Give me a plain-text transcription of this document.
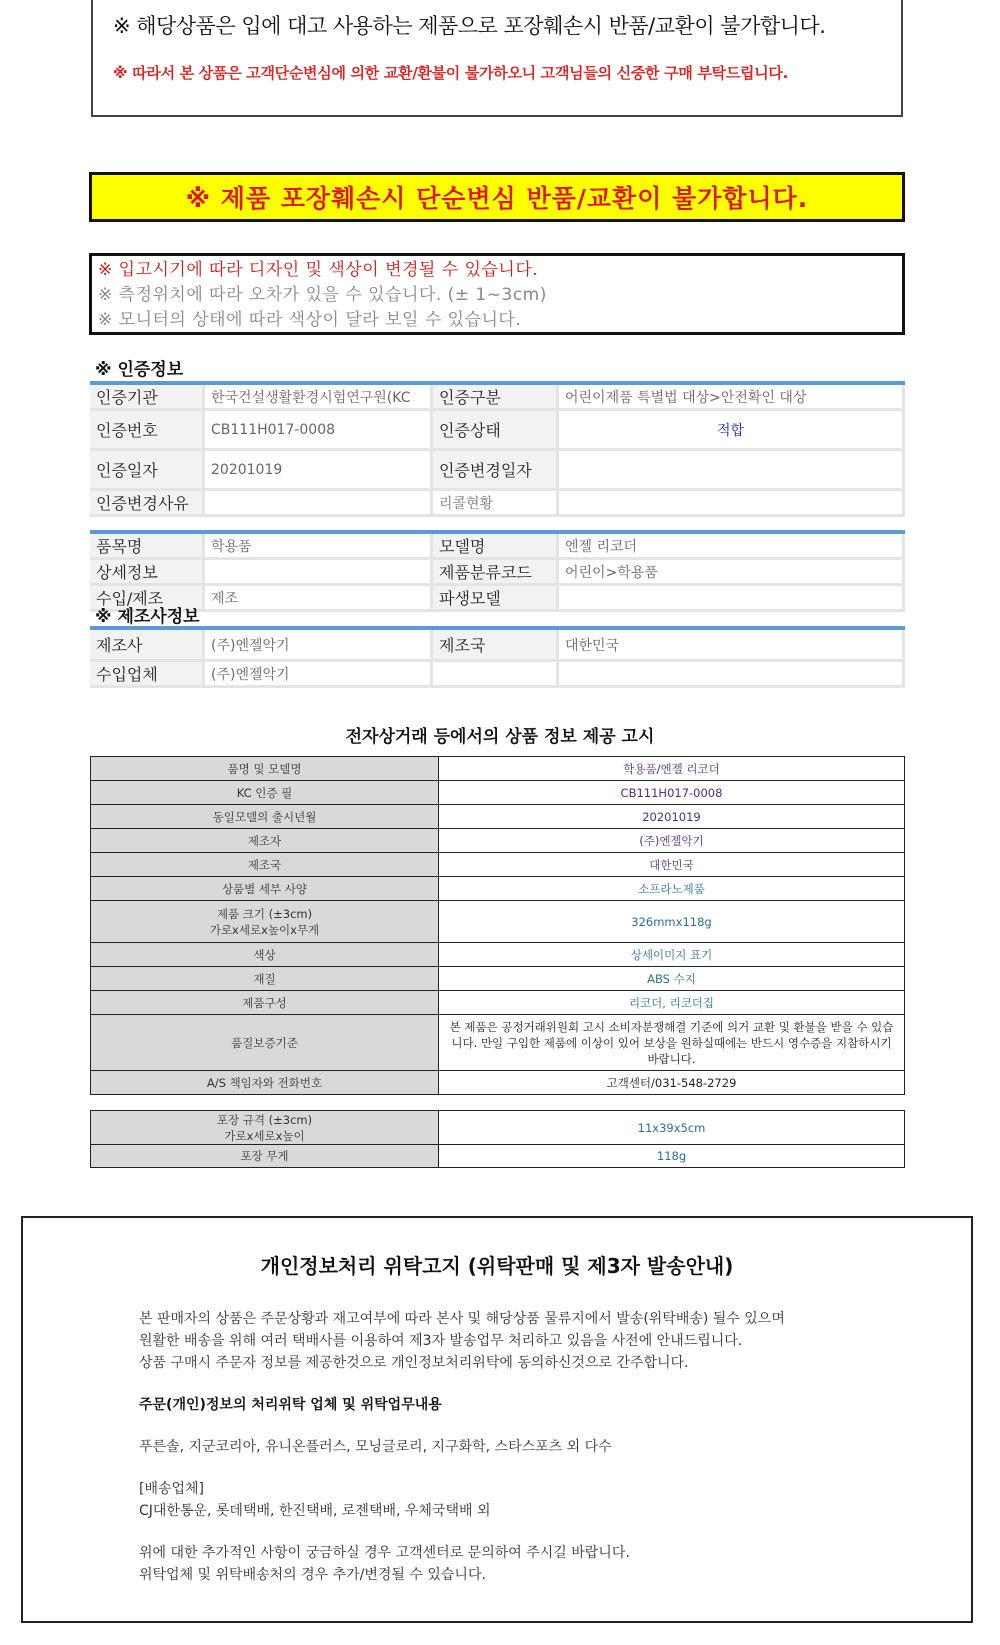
※ 해당상품은 입에 대고 사용하는 제품으로 포장훼손시 반품/교환이 불가합니다.
※ 따라서 본 상품은 고객단순변심에 의한 교환/환불이 불가하오니 고객님들의 신중한 구매 부탁드립니다.
※ 제품 포장훼손시 단순변심 반품/교환이 불가합니다.
※ 입고시기에 따라 디자인 및 색상이 변경될 수 있습니다.
※ 측정위치에 따라 오차가 있을 수 있습니다. (± 1~3cm)
※ 모니터의 상태에 따라 색상이 달라 보일 수 있습니다.
※ 인증정보
인증기관	한국건설생활환경시험연구원(KC	인증구분	어린이제품 특별법 대상>안전확인 대상
인증번호	CB111H017-0008	인증상태	적합
인증일자	20201019	인증변경일자	
인증변경사유		리콜현황	
품목명	학용품	모델명	엔젤 리코더
상세정보		제품분류코드	어린이>학용품
수입/제조	제조	파생모델	
※ 제조사정보
제조사	(주)엔젤악기	제조국	대한민국
수입업체	(주)엔젤악기		
전자상거래 등에서의 상품 정보 제공 고시
품명 및 모델명	학용품/엔젤 리코더
KC 인증 필	CB111H017-0008
동일모델의 출시년월	20201019
제조자	(주)엔젤악기
제조국	대한민국
상품별 세부 사양	소프라노제품

제품 크기 (±3cm)
가로x세로x높이x무게	326mmx118g
색상	상세이미지 표기
재질	ABS 수지
제품구성	리코더, 리코더집
품질보증기준	본 제품은 공정거래위원회 고시 소비자분쟁해결 기준에 의거 교환 및 환불을 받을 수 있습니다. 만일 구입한 제품에 이상이 있어 보상을 원하실때에는 반드시 영수증을 지참하시기 바랍니다.
A/S 책임자와 전화번호	고객센터/031-548-2729
포장 규격 (±3cm)
가로x세로x높이	11x39x5cm
포장 무게	118g
개인정보처리 위탁고지 (위탁판매 및 제3자 발송안내)
본 판매자의 상품은 주문상황과 재고여부에 따라 본사 및 해당상품 물류지에서 발송(위탁배송) 될수 있으며
원활한 배송을 위해 여러 택배사를 이용하여 제3자 발송업무 처리하고 있음을 사전에 안내드립니다.
상품 구매시 주문자 정보를 제공한것으로 개인정보처리위탁에 동의하신것으로 간주합니다.
주문(개인)정보의 처리위탁 업체 및 위탁업무내용
푸른솔, 지군코리아, 유니온플러스, 모닝글로리, 지구화학, 스타스포츠 외 다수
[배송업체]
CJ대한통운, 롯데택배, 한진택배, 로젠택배, 우체국택배 외
위에 대한 추가적인 사항이 궁금하실 경우 고객센터로 문의하여 주시길 바랍니다.
위탁업체 및 위탁배송처의 경우 추가/변경될 수 있습니다.
